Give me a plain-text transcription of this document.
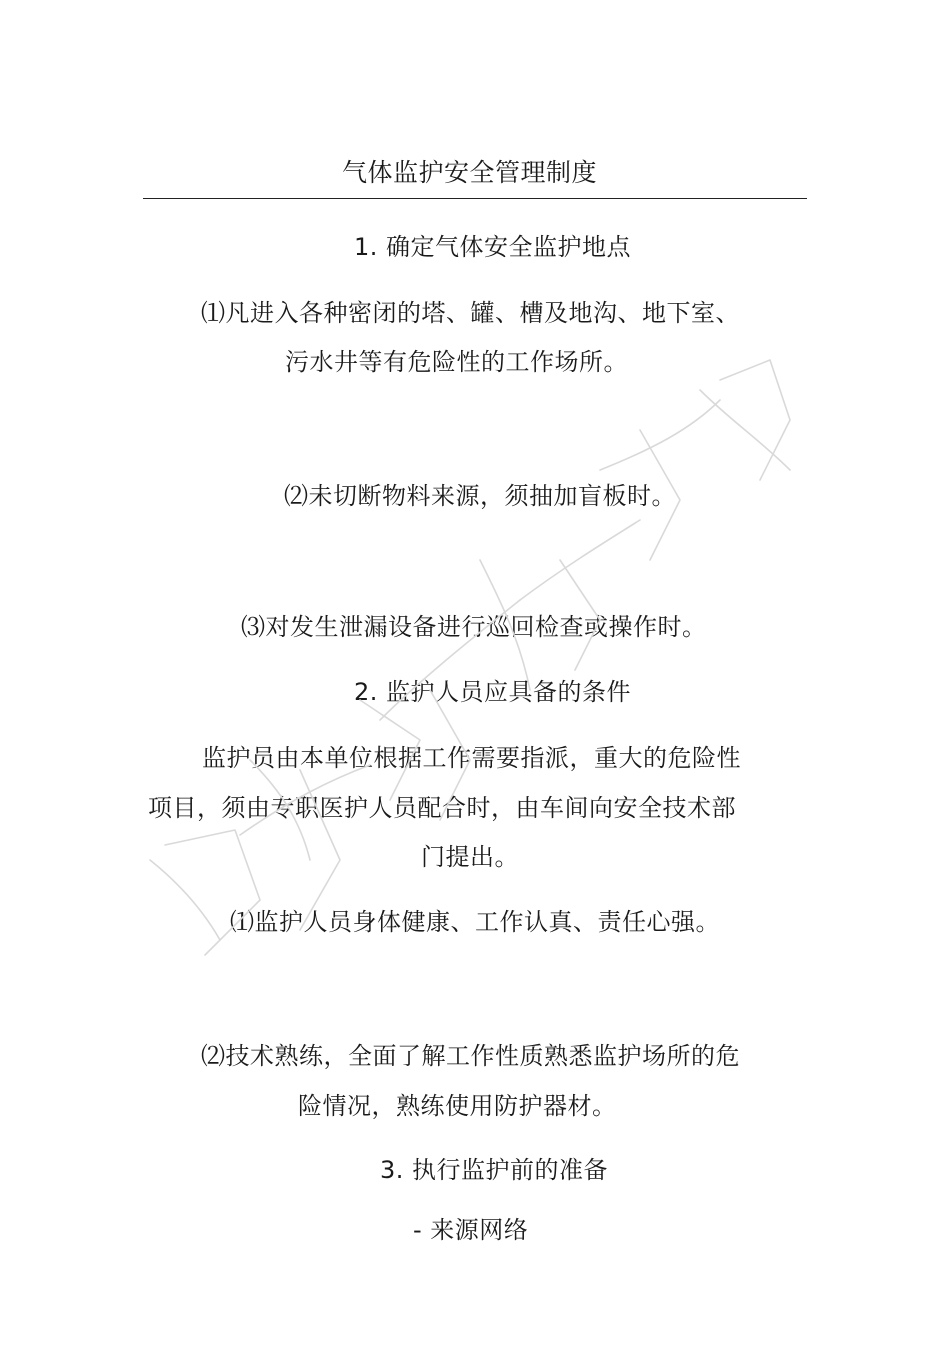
气体监护安全管理制度
1. 确定气体安全监护地点
⑴凡进入各种密闭的塔、罐、槽及地沟、地下室、
污水井等有危险性的工作场所。
⑵未切断物料来源，须抽加盲板时。
⑶对发生泄漏设备进行巡回检查或操作时。
2. 监护人员应具备的条件
监护员由本单位根据工作需要指派，重大的危险性
项目，须由专职医护人员配合时，由车间向安全技术部
门提出。
⑴监护人员身体健康、工作认真、责任心强。
⑵技术熟练，全面了解工作性质熟悉监护场所的危
险情况，熟练使用防护器材。
3. 执行监护前的准备
- 来源网络
